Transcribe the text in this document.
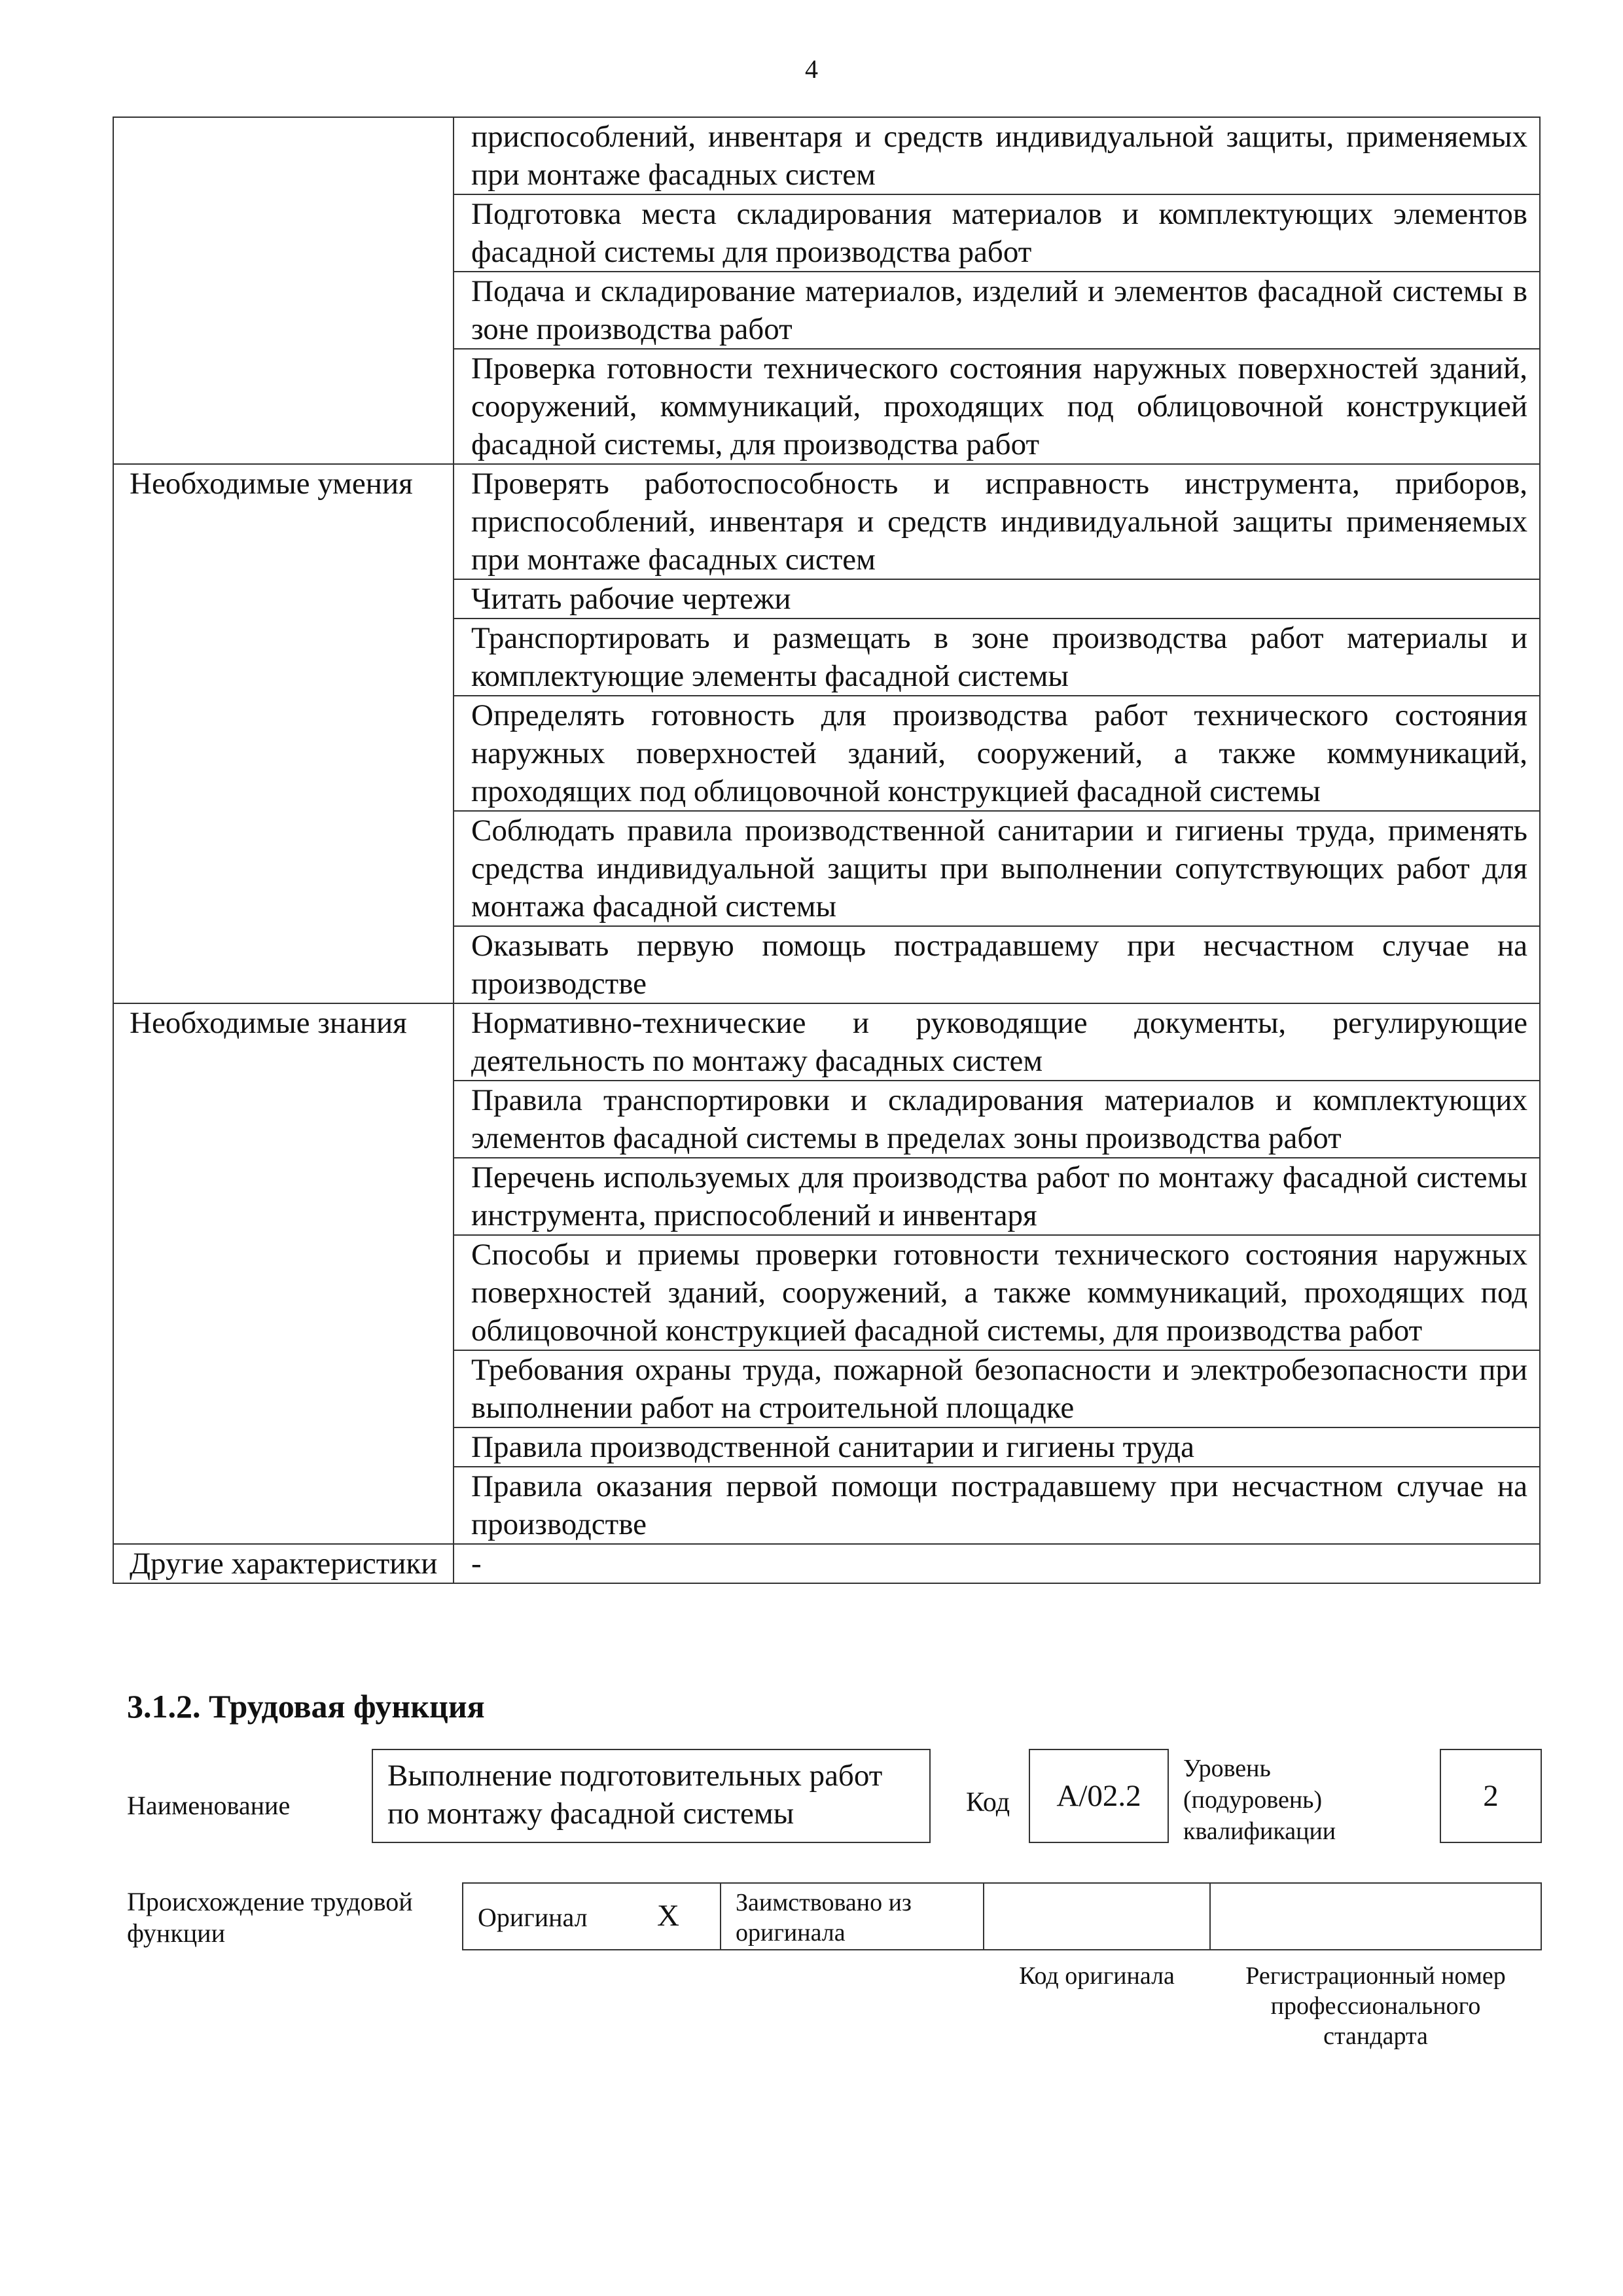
4
	приспособлений, инвентаря и средств индивидуальной защиты, применяемых при монтаже фасадных систем
	Подготовка места складирования материалов и комплектующих элементов фасадной системы для производства работ
	Подача и складирование материалов, изделий и элементов фасадной системы в зоне производства работ
	Проверка готовности технического состояния наружных поверхностей зданий, сооружений, коммуникаций, проходящих под облицовочной конструкцией фасадной системы, для производства работ
Необходимые умения	Проверять работоспособность и исправность инструмента, приборов, приспособлений, инвентаря и средств индивидуальной защиты применяемых при монтаже фасадных систем
	Читать рабочие чертежи
	Транспортировать и размещать в зоне производства работ материалы и комплектующие элементы фасадной системы
	Определять готовность для производства работ технического состояния наружных поверхностей зданий, сооружений, а также коммуникаций, проходящих под облицовочной конструкцией фасадной системы
	Соблюдать правила производственной санитарии и гигиены труда, применять средства индивидуальной защиты при выполнении сопутствующих работ для монтажа фасадной системы
	Оказывать первую помощь пострадавшему при несчастном случае на производстве
Необходимые знания	Нормативно-технические и руководящие документы, регулирующие деятельность по монтажу фасадных систем
	Правила транспортировки и складирования материалов и комплектующих элементов фасадной системы в пределах зоны производства работ
	Перечень используемых для производства работ по монтажу фасадной системы инструмента, приспособлений и инвентаря
	Способы и приемы проверки готовности технического состояния наружных поверхностей зданий, сооружений, а также коммуникаций, проходящих под облицовочной конструкцией фасадной системы, для производства работ
	Требования охраны труда, пожарной безопасности и электробезопасности при выполнении работ на строительной площадке
	Правила производственной санитарии и гигиены труда
	Правила оказания первой помощи пострадавшему при несчастном случае на производстве
Другие характеристики	-
3.1.2. Трудовая функция
Наименование
Выполнение подготовительных работ по монтажу фасадной системы	Код	A/02.2
Уровень (подуровень) квалификации
2
Происхождение трудовой функции
Оригинал X	Заимствовано из оригинала
Код оригинала	Регистрационный номер профессионального стандарта
